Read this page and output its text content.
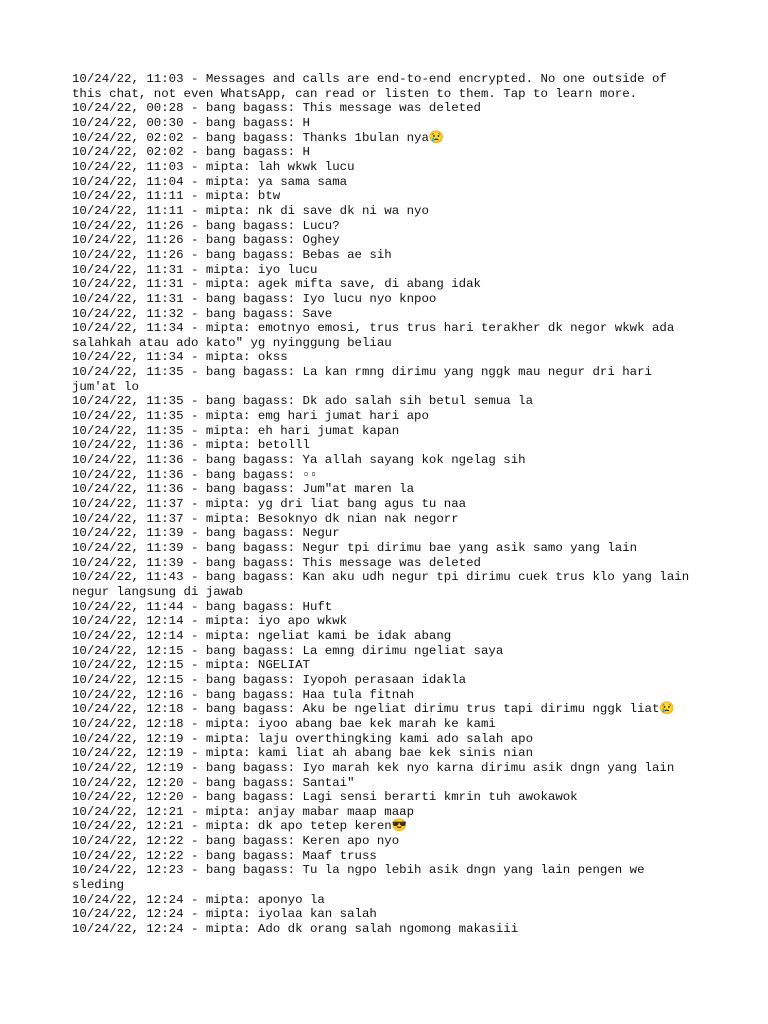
10/24/22, 11:03 - Messages and calls are end-to-end encrypted. No one outside of this chat, not even WhatsApp, can read or listen to them. Tap to learn more.

10/24/22, 00:28 - bang bagass: This message was deleted

10/24/22, 00:30 - bang bagass: H

10/24/22, 02:02 - bang bagass: Thanks 1bulan nya😢

10/24/22, 02:02 - bang bagass: H

10/24/22, 11:03 - mipta: lah wkwk lucu

10/24/22, 11:04 - mipta: ya sama sama

10/24/22, 11:11 - mipta: btw

10/24/22, 11:11 - mipta: nk di save dk ni wa nyo

10/24/22, 11:26 - bang bagass: Lucu?

10/24/22, 11:26 - bang bagass: Oghey

10/24/22, 11:26 - bang bagass: Bebas ae sih

10/24/22, 11:31 - mipta: iyo lucu

10/24/22, 11:31 - mipta: agek mifta save, di abang idak

10/24/22, 11:31 - bang bagass: Iyo lucu nyo knpoo

10/24/22, 11:32 - bang bagass: Save

10/24/22, 11:34 - mipta: emotnyo emosi, trus trus hari terakher dk negor wkwk ada salahkah atau ado kato" yg nyinggung beliau

10/24/22, 11:34 - mipta: okss

10/24/22, 11:35 - bang bagass: La kan rmng dirimu yang nggk mau negur dri hari jum'at lo

10/24/22, 11:35 - bang bagass: Dk ado salah sih betul semua la

10/24/22, 11:35 - mipta: emg hari jumat hari apo

10/24/22, 11:35 - mipta: eh hari jumat kapan

10/24/22, 11:36 - mipta: betolll

10/24/22, 11:36 - bang bagass: Ya allah sayang kok ngelag sih

10/24/22, 11:36 - bang bagass: ▫▫

10/24/22, 11:36 - bang bagass: Jum"at maren la

10/24/22, 11:37 - mipta: yg dri liat bang agus tu naa

10/24/22, 11:37 - mipta: Besoknyo dk nian nak negorr

10/24/22, 11:39 - bang bagass: Negur

10/24/22, 11:39 - bang bagass: Negur tpi dirimu bae yang asik samo yang lain

10/24/22, 11:39 - bang bagass: This message was deleted

10/24/22, 11:43 - bang bagass: Kan aku udh negur tpi dirimu cuek trus klo yang lain negur langsung di jawab

10/24/22, 11:44 - bang bagass: Huft

10/24/22, 12:14 - mipta: iyo apo wkwk

10/24/22, 12:14 - mipta: ngeliat kami be idak abang

10/24/22, 12:15 - bang bagass: La emng dirimu ngeliat saya

10/24/22, 12:15 - mipta: NGELIAT

10/24/22, 12:15 - bang bagass: Iyopoh perasaan idakla

10/24/22, 12:16 - bang bagass: Haa tula fitnah

10/24/22, 12:18 - bang bagass: Aku be ngeliat dirimu trus tapi dirimu nggk liat😢

10/24/22, 12:18 - mipta: iyoo abang bae kek marah ke kami

10/24/22, 12:19 - mipta: laju overthingking kami ado salah apo

10/24/22, 12:19 - mipta: kami liat ah abang bae kek sinis nian

10/24/22, 12:19 - bang bagass: Iyo marah kek nyo karna dirimu asik dngn yang lain

10/24/22, 12:20 - bang bagass: Santai"

10/24/22, 12:20 - bang bagass: Lagi sensi berarti kmrin tuh awokawok

10/24/22, 12:21 - mipta: anjay mabar maap maap

10/24/22, 12:21 - mipta: dk apo tetep keren😎

10/24/22, 12:22 - bang bagass: Keren apo nyo

10/24/22, 12:22 - bang bagass: Maaf truss

10/24/22, 12:23 - bang bagass: Tu la ngpo lebih asik dngn yang lain pengen we sleding

10/24/22, 12:24 - mipta: aponyo la

10/24/22, 12:24 - mipta: iyolaa kan salah

10/24/22, 12:24 - mipta: Ado dk orang salah ngomong makasiii
